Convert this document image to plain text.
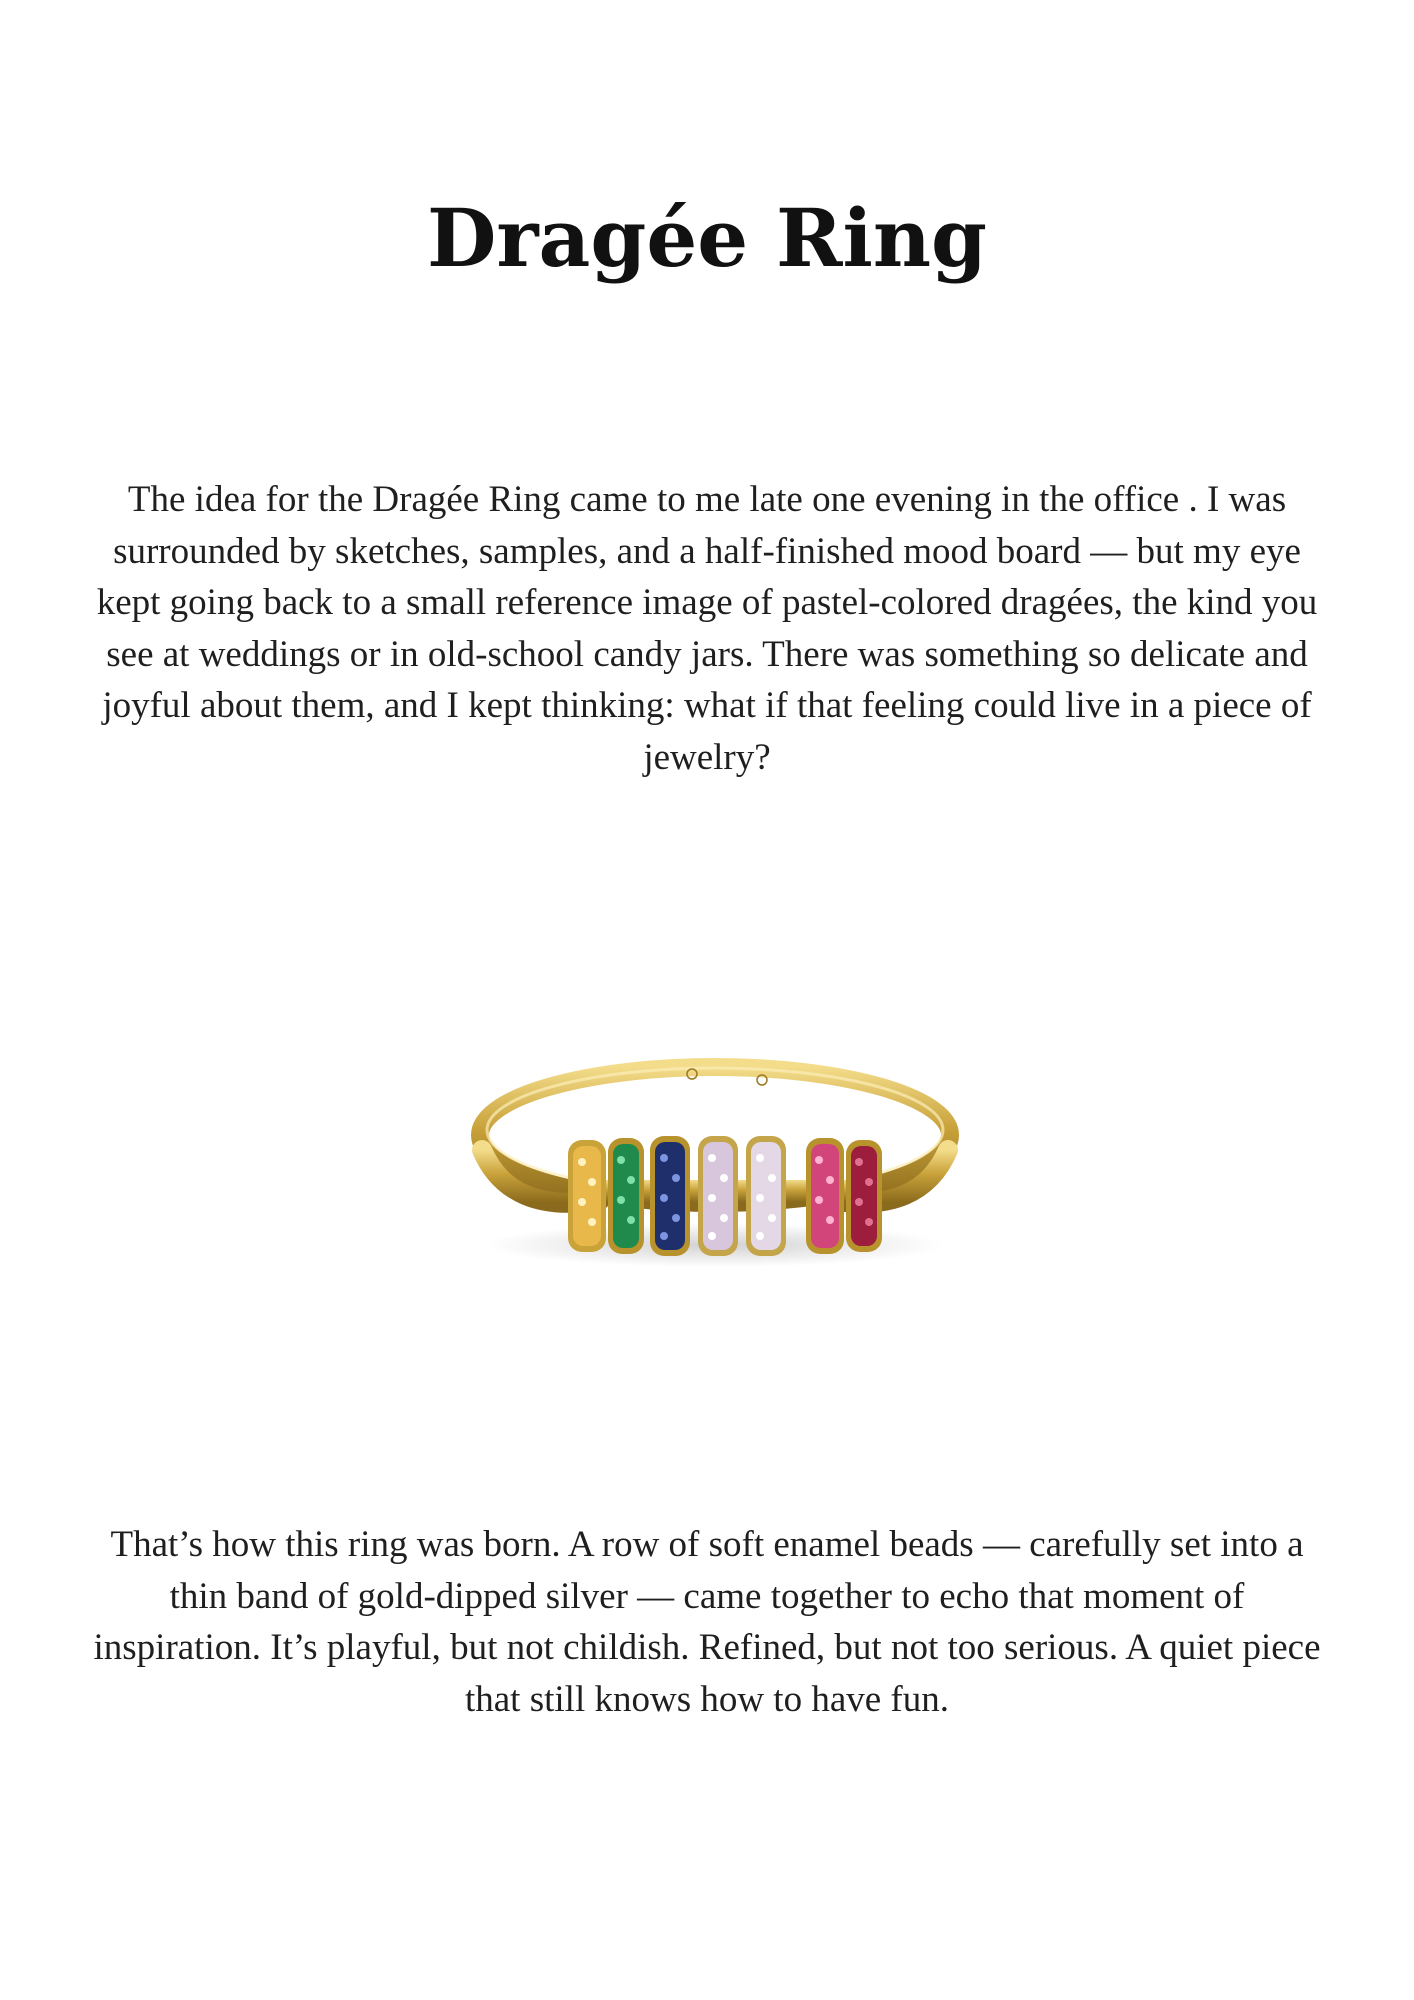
Dragée Ring

The idea for the Dragée Ring came to me late one evening in the office . I was surrounded by sketches, samples, and a half-finished mood board — but my eye kept going back to a small reference image of pastel-colored dragées, the kind you see at weddings or in old-school candy jars. There was something so delicate and joyful about them, and I kept thinking: what if that feeling could live in a piece of jewelry?

That’s how this ring was born. A row of soft enamel beads — carefully set into a thin band of gold-dipped silver — came together to echo that moment of inspiration. It’s playful, but not childish. Refined, but not too serious. A quiet piece that still knows how to have fun.
